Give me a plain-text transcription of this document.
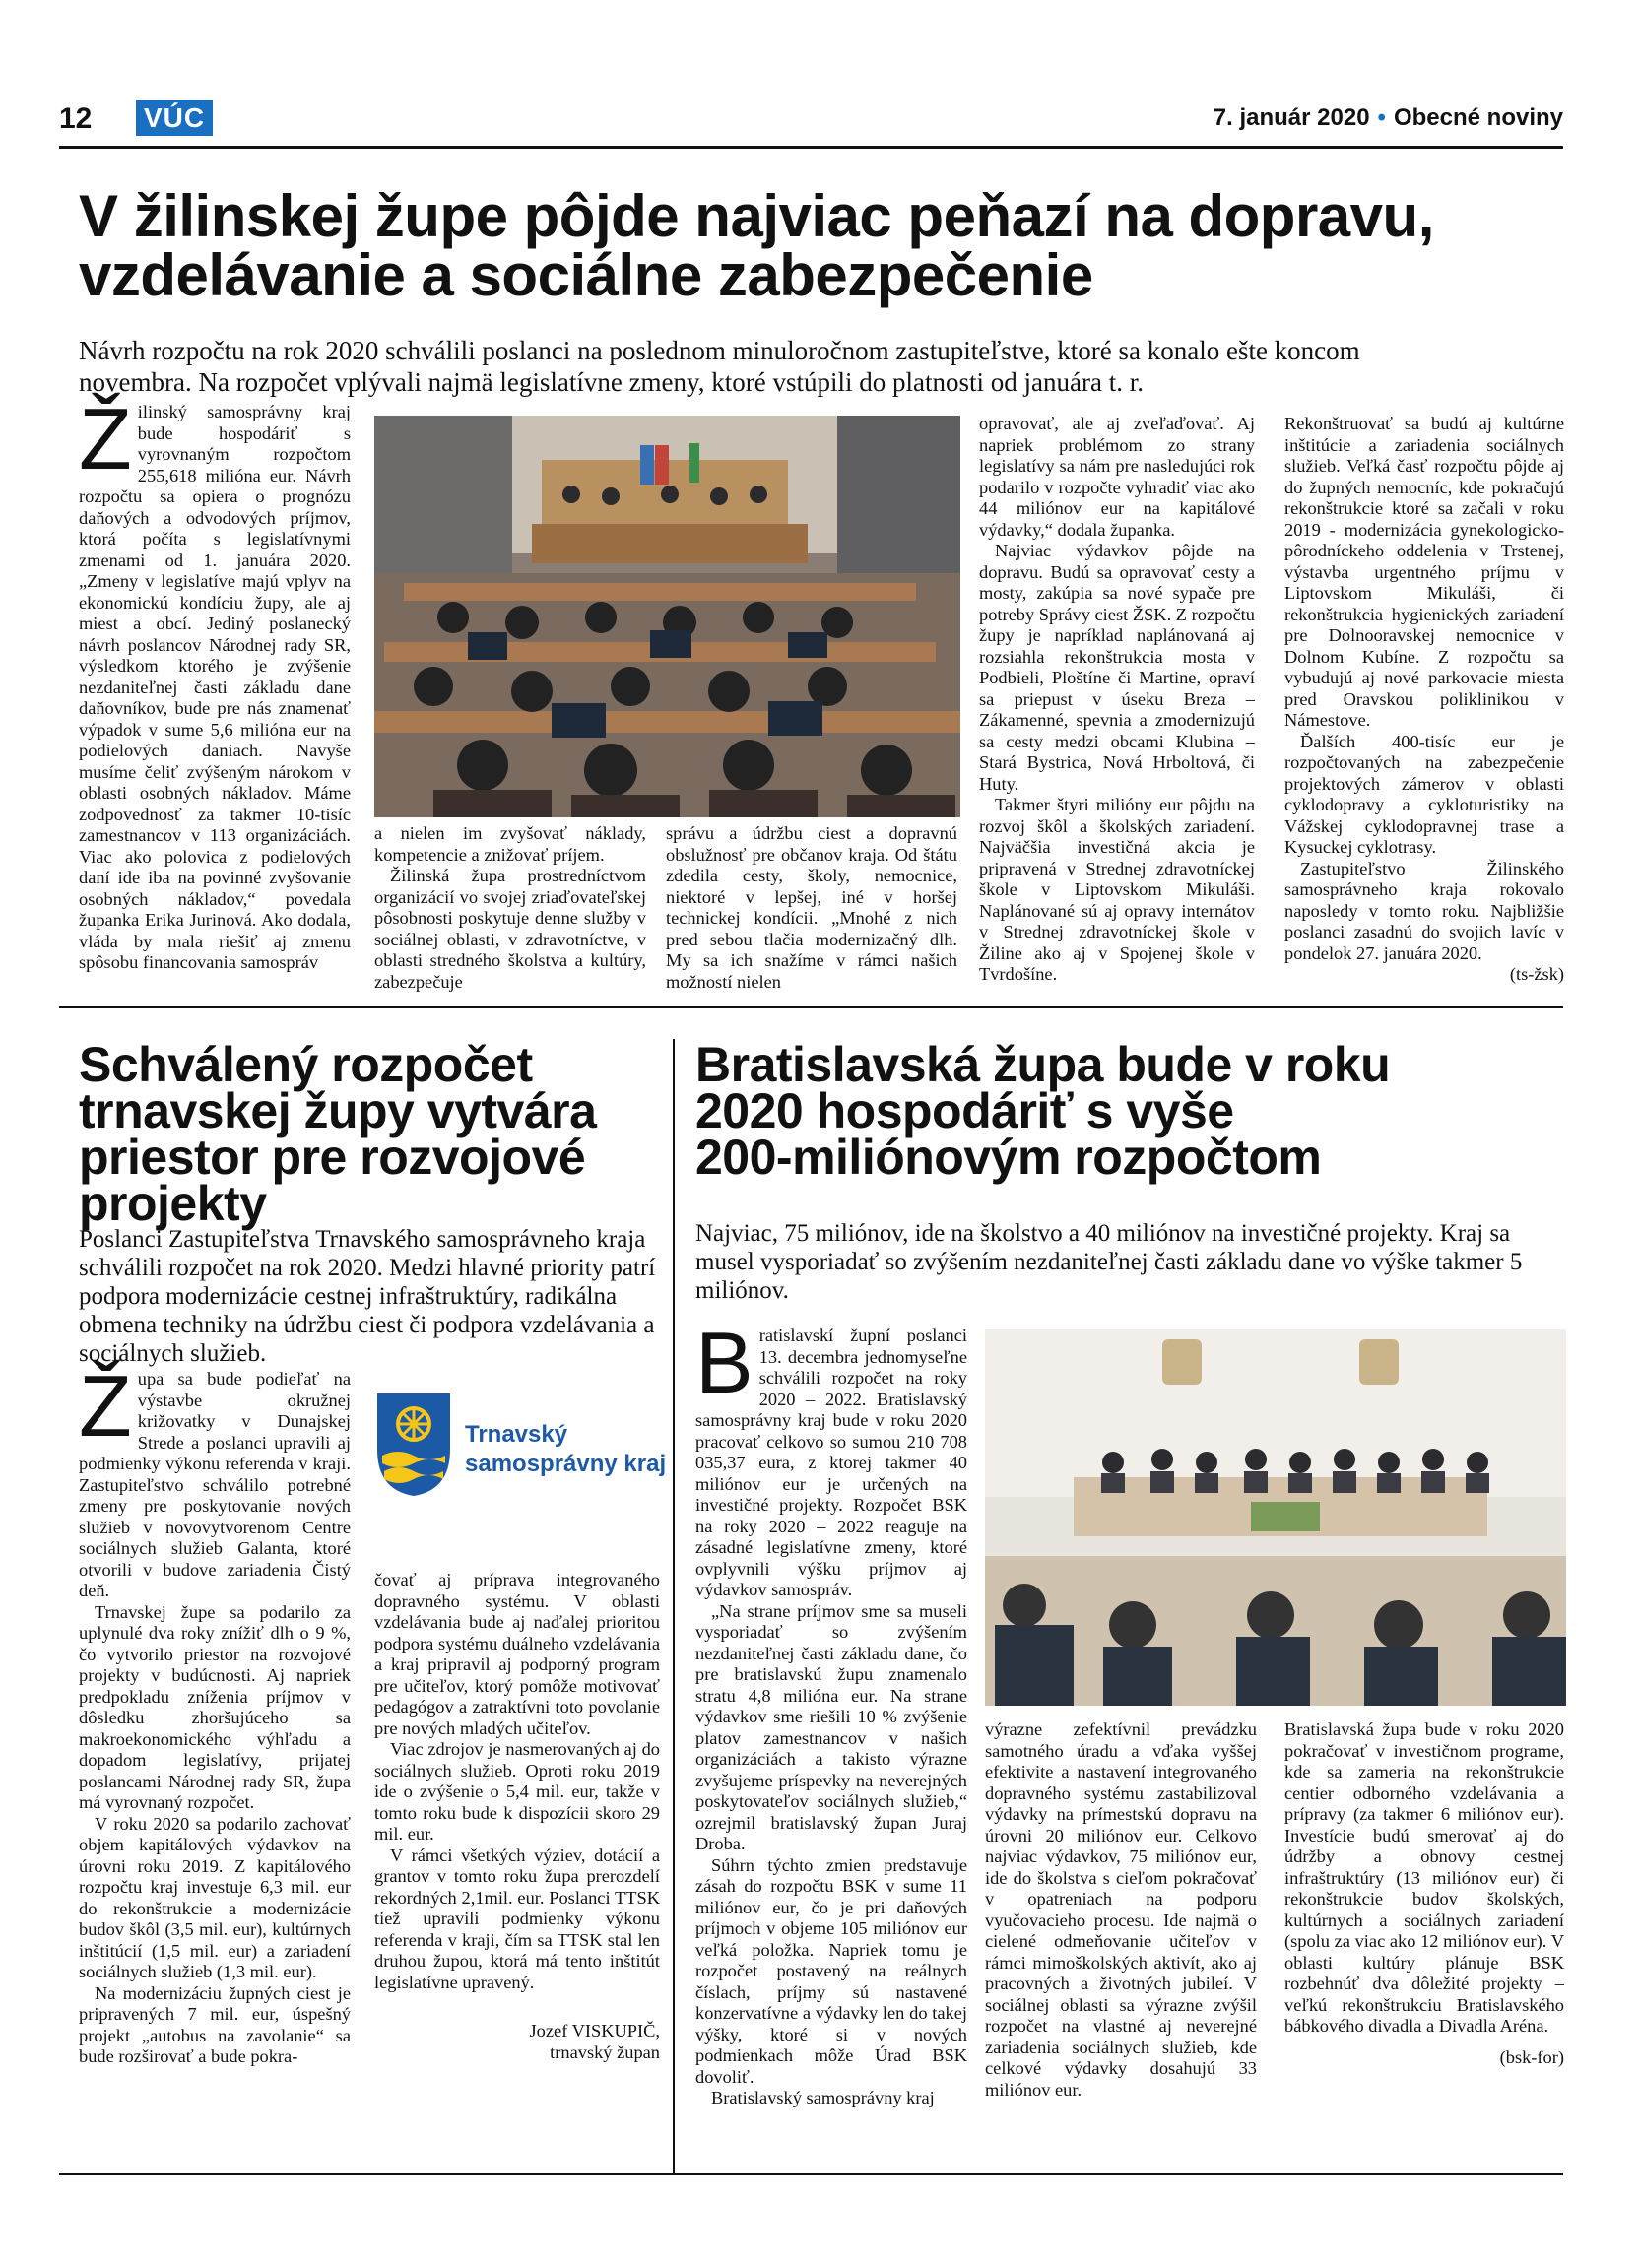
12 VÚC	7. január 2020 • Obecné noviny
V žilinskej župe pôjde najviac peňazí na dopravu,
vzdelávanie a sociálne zabezpečenie
Návrh rozpočtu na rok 2020 schválili poslanci na poslednom minuloročnom zastupiteľstve, ktoré sa konalo ešte koncom
novembra. Na rozpočet vplývali najmä legislatívne zmeny, ktoré vstúpili do platnosti od januára t. r.

Žilinský samosprávny kraj bude hospodáriť s vyrovnaným rozpočtom 255,618 milióna eur. Návrh rozpočtu sa opiera o prognózu daňových a odvodových príjmov, ktorá počíta s legislatívnymi zmenami od 1. januára 2020. „Zmeny v legislatíve majú vplyv na ekonomickú kondíciu župy, ale aj miest a obcí. Jediný poslanecký návrh poslancov Národnej rady SR, výsledkom ktorého je zvýšenie nezdaniteľnej časti základu dane daňovníkov, bude pre nás znamenať výpadok v sume 5,6 milióna eur na podielových daniach. Navyše musíme čeliť zvýšeným nárokom v oblasti osobných nákladov. Máme zodpovednosť za takmer 10-tisíc zamestnancov v 113 organizáciách. Viac ako polovica z podielových daní ide iba na povinné zvyšovanie osobných nákladov,“ povedala županka Erika Jurinová. Ako dodala, vláda by mala riešiť aj zmenu spôsobu financovania samospráv

a nielen im zvyšovať náklady, kompetencie a znižovať príjem.

Žilinská župa prostredníctvom organizácií vo svojej zriaďovateľskej pôsobnosti poskytuje denne služby v sociálnej oblasti, v zdravotníctve, v oblasti stredného školstva a kultúry, zabezpečuje

správu a údržbu ciest a dopravnú obslužnosť pre občanov kraja. Od štátu zdedila cesty, školy, nemocnice, niektoré v lepšej, iné v horšej technickej kondícii. „Mnohé z nich pred sebou tlačia modernizačný dlh. My sa ich snažíme v rámci našich možností nielen

opravovať, ale aj zveľaďovať. Aj napriek problémom zo strany legislatívy sa nám pre nasledujúci rok podarilo v rozpočte vyhradiť viac ako 44 miliónov eur na kapitálové výdavky,“ dodala županka.

Najviac výdavkov pôjde na dopravu. Budú sa opravovať cesty a mosty, zakúpia sa nové sypače pre potreby Správy ciest ŽSK. Z rozpočtu župy je napríklad naplánovaná aj rozsiahla rekonštrukcia mosta v Podbieli, Ploštíne či Martine, opraví sa priepust v úseku Breza – Zákamenné, spevnia a zmodernizujú sa cesty medzi obcami Klubina – Stará Bystrica, Nová Hrboltová, či Huty.

Takmer štyri milióny eur pôjdu na rozvoj škôl a školských zariadení. Najväčšia investičná akcia je pripravená v Strednej zdravotníckej škole v Liptovskom Mikuláši. Naplánované sú aj opravy internátov v Strednej zdravotníckej škole v Žiline ako aj v Spojenej škole v Tvrdošíne.

Rekonštruovať sa budú aj kultúrne inštitúcie a zariadenia sociálnych služieb. Veľká časť rozpočtu pôjde aj do župných nemocníc, kde pokračujú rekonštrukcie ktoré sa začali v roku 2019 - modernizácia gynekologicko-pôrodníckeho oddelenia v Trstenej, výstavba urgentného príjmu v Liptovskom Mikuláši, či rekonštrukcia hygienických zariadení pre Dolnooravskej nemocnice v Dolnom Kubíne. Z rozpočtu sa vybudujú aj nové parkovacie miesta pred Oravskou poliklinikou v Námestove.

Ďalších 400-tisíc eur je rozpočtovaných na zabezpečenie projektových zámerov v oblasti cyklodopravy a cykloturistiky na Vážskej cyklodopravnej trase a Kysuckej cyklotrasy.

Zastupiteľstvo Žilinského samosprávneho kraja rokovalo naposledy v tomto roku. Najbližšie poslanci zasadnú do svojich lavíc v pondelok 27. januára 2020.

(ts-žsk)
Schválený rozpočet
trnavskej župy vytvára
priestor pre rozvojové
projekty
Poslanci Zastupiteľstva Trnavského samosprávneho kraja schválili rozpočet na rok 2020. Medzi hlavné priority patrí podpora modernizácie cestnej infraštruktúry, radikálna obmena techniky na údržbu ciest či podpora vzdelávania a sociálnych služieb.

Župa sa bude podieľať na výstavbe okružnej križovatky v Dunajskej Strede a poslanci upravili aj podmienky výkonu referenda v kraji. Zastupiteľstvo schválilo potrebné zmeny pre poskytovanie nových služieb v novovytvorenom Centre sociálnych služieb Galanta, ktoré otvorili v budove zariadenia Čistý deň.

Trnavskej župe sa podarilo za uplynulé dva roky znížiť dlh o 9 %, čo vytvorilo priestor na rozvojové projekty v budúcnosti. Aj napriek predpokladu zníženia príjmov v dôsledku zhoršujúceho sa makroekonomického výhľadu a dopadom legislatívy, prijatej poslancami Národnej rady SR, župa má vyrovnaný rozpočet.

V roku 2020 sa podarilo zachovať objem kapitálových výdavkov na úrovni roku 2019. Z kapitálového rozpočtu kraj investuje 6,3 mil. eur do rekonštrukcie a modernizácie budov škôl (3,5 mil. eur), kultúrnych inštitúcií (1,5 mil. eur) a zariadení sociálnych služieb (1,3 mil. eur).

Na modernizáciu župných ciest je pripravených 7 mil. eur, úspešný projekt „autobus na zavolanie“ sa bude rozširovať a bude pokra-

Trnavský
samosprávny kraj

čovať aj príprava integrovaného dopravného systému. V oblasti vzdelávania bude aj naďalej prioritou podpora systému duálneho vzdelávania a kraj pripravil aj podporný program pre učiteľov, ktorý pomôže motivovať pedagógov a zatraktívni toto povolanie pre nových mladých učiteľov.

Viac zdrojov je nasmerovaných aj do sociálnych služieb. Oproti roku 2019 ide o zvýšenie o 5,4 mil. eur, takže v tomto roku bude k dispozícii skoro 29 mil. eur.

V rámci všetkých výziev, dotácií a grantov v tomto roku župa prerozdelí rekordných 2,1mil. eur. Poslanci TTSK tiež upravili podmienky výkonu referenda v kraji, čím sa TTSK stal len druhou župou, ktorá má tento inštitút legislatívne upravený.

Jozef VISKUPIČ,
trnavský župan
Bratislavská župa bude v roku
2020 hospodáriť s vyše
200-miliónovým rozpočtom
Najviac, 75 miliónov, ide na školstvo a 40 miliónov na investičné projekty. Kraj sa musel vysporiadať so zvýšením nezdaniteľnej časti základu dane vo výške takmer 5 miliónov.

Bratislavskí župní poslanci 13. decembra jednomyseľne schválili rozpočet na roky 2020 – 2022. Bratislavský samosprávny kraj bude v roku 2020 pracovať celkovo so sumou 210 708 035,37 eura, z ktorej takmer 40 miliónov eur je určených na investičné projekty. Rozpočet BSK na roky 2020 – 2022 reaguje na zásadné legislatívne zmeny, ktoré ovplyvnili výšku príjmov aj výdavkov samospráv.

„Na strane príjmov sme sa museli vysporiadať so zvýšením nezdaniteľnej časti základu dane, čo pre bratislavskú župu znamenalo stratu 4,8 milióna eur. Na strane výdavkov sme riešili 10 % zvýšenie platov zamestnancov v našich organizáciách a takisto výrazne zvyšujeme príspevky na neverejných poskytovateľov sociálnych služieb,“ ozrejmil bratislavský župan Juraj Droba.

Súhrn týchto zmien predstavuje zásah do rozpočtu BSK v sume 11 miliónov eur, čo je pri daňových príjmoch v objeme 105 miliónov eur veľká položka. Napriek tomu je rozpočet postavený na reálnych číslach, príjmy sú nastavené konzervatívne a výdavky len do takej výšky, ktoré si v nových podmienkach môže Úrad BSK dovoliť.

Bratislavský samosprávny kraj

výrazne zefektívnil prevádzku samotného úradu a vďaka vyššej efektivite a nastavení integrovaného dopravného systému zastabilizoval výdavky na prímestskú dopravu na úrovni 20 miliónov eur. Celkovo najviac výdavkov, 75 miliónov eur, ide do školstva s cieľom pokračovať v opatreniach na podporu vyučovacieho procesu. Ide najmä o cielené odmeňovanie učiteľov v rámci mimoškolských aktivít, ako aj pracovných a životných jubileí. V sociálnej oblasti sa výrazne zvýšil rozpočet na vlastné aj neverejné zariadenia sociálnych služieb, kde celkové výdavky dosahujú 33 miliónov eur.

Bratislavská župa bude v roku 2020 pokračovať v investičnom programe, kde sa zameria na rekonštrukcie centier odborného vzdelávania a prípravy (za takmer 6 miliónov eur). Investície budú smerovať aj do údržby a obnovy cestnej infraštruktúry (13 miliónov eur) či rekonštrukcie budov školských, kultúrnych a sociálnych zariadení (spolu za viac ako 12 miliónov eur). V oblasti kultúry plánuje BSK rozbehnúť dva dôležité projekty – veľkú rekonštrukciu Bratislavského bábkového divadla a Divadla Aréna.

(bsk-for)
